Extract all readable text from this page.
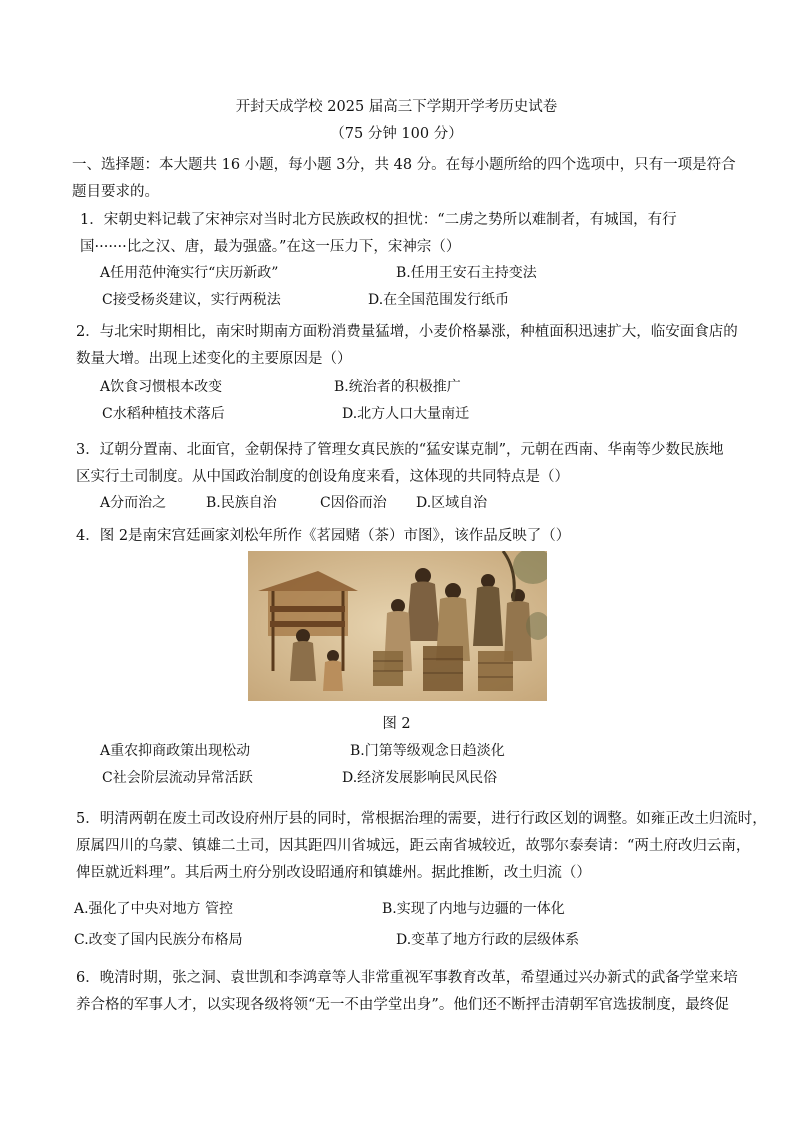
开封天成学校 2025 届高三下学期开学考历史试卷
（75 分钟 100 分）
一、选择题：本大题共 16 小题，每小题 3分，共 48 分。在每小题所给的四个选项中，只有一项是符合
题目要求的。
1．宋朝史料记载了宋神宗对当时北方民族政权的担忧：“二虏之势所以难制者，有城国，有行
国·······比之汉、唐，最为强盛。”在这一压力下，宋神宗（）
A任用范仲淹实行“庆历新政”	B.任用王安石主持变法
C接受杨炎建议，实行两税法	D.在全国范围发行纸币
2．与北宋时期相比，南宋时期南方面粉消费量猛增，小麦价格暴涨，种植面积迅速扩大，临安面食店的
数量大增。出现上述变化的主要原因是（）
A饮食习惯根本改变	B.统治者的积极推广
C水稻种植技术落后	D.北方人口大量南迁
3．辽朝分置南、北面官，金朝保持了管理女真民族的“猛安谋克制”，元朝在西南、华南等少数民族地
区实行土司制度。从中国政治制度的创设角度来看，这体现的共同特点是（）
A分而治之	B.民族自治	C因俗而治 D.区域自治
4．图 2是南宋宫廷画家刘松年所作《茗园赌（茶）市图》，该作品反映了（）
图 2
A重农抑商政策出现松动	B.门第等级观念日趋淡化
C社会阶层流动异常活跃	D.经济发展影响民风民俗
5．明清两朝在废土司改设府州厅县的同时，常根据治理的需要，进行行政区划的调整。如雍正改土归流时，
原属四川的乌蒙、镇雄二土司，因其距四川省城远，距云南省城较近，故鄂尔泰奏请：“两土府改归云南，
俾臣就近料理”。其后两土府分别改设昭通府和镇雄州。据此推断，改土归流（）
A.强化了中央对地方 管控	B.实现了内地与边疆的一体化
C.改变了国内民族分布格局	D.变革了地方行政的层级体系
6．晚清时期，张之洞、袁世凯和李鸿章等人非常重视军事教育改革，希望通过兴办新式的武备学堂来培
养合格的军事人才，以实现各级将领“无一不由学堂出身”。他们还不断抨击清朝军官选拔制度，最终促
